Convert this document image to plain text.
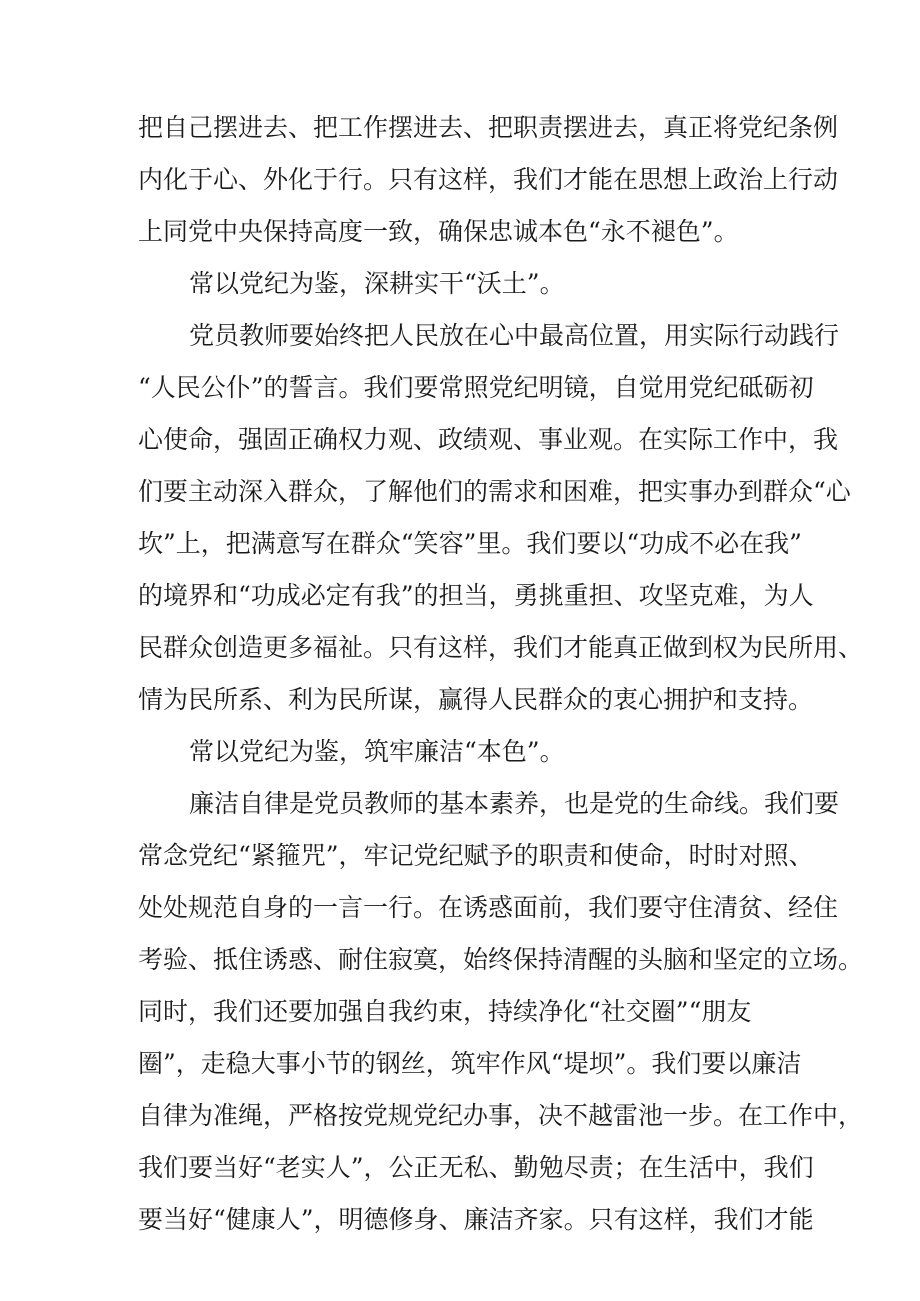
把自己摆进去、把工作摆进去、把职责摆进去，真正将党纪条例
内化于心、外化于行。只有这样，我们才能在思想上政治上行动
上同党中央保持高度一致，确保忠诚本色“永不褪色”。
常以党纪为鉴，深耕实干“沃土”。
党员教师要始终把人民放在心中最高位置，用实际行动践行
“人民公仆”的誓言。我们要常照党纪明镜，自觉用党纪砥砺初
心使命，强固正确权力观、政绩观、事业观。在实际工作中，我
们要主动深入群众，了解他们的需求和困难，把实事办到群众“心
坎”上，把满意写在群众“笑容”里。我们要以“功成不必在我”
的境界和“功成必定有我”的担当，勇挑重担、攻坚克难，为人
民群众创造更多福祉。只有这样，我们才能真正做到权为民所用、
情为民所系、利为民所谋，赢得人民群众的衷心拥护和支持。
常以党纪为鉴，筑牢廉洁“本色”。
廉洁自律是党员教师的基本素养，也是党的生命线。我们要
常念党纪“紧箍咒”，牢记党纪赋予的职责和使命，时时对照、
处处规范自身的一言一行。在诱惑面前，我们要守住清贫、经住
考验、抵住诱惑、耐住寂寞，始终保持清醒的头脑和坚定的立场。
同时，我们还要加强自我约束，持续净化“社交圈”“朋友
圈”，走稳大事小节的钢丝，筑牢作风“堤坝”。我们要以廉洁
自律为准绳，严格按党规党纪办事，决不越雷池一步。在工作中，
我们要当好“老实人”，公正无私、勤勉尽责；在生活中，我们
要当好“健康人”，明德修身、廉洁齐家。只有这样，我们才能
